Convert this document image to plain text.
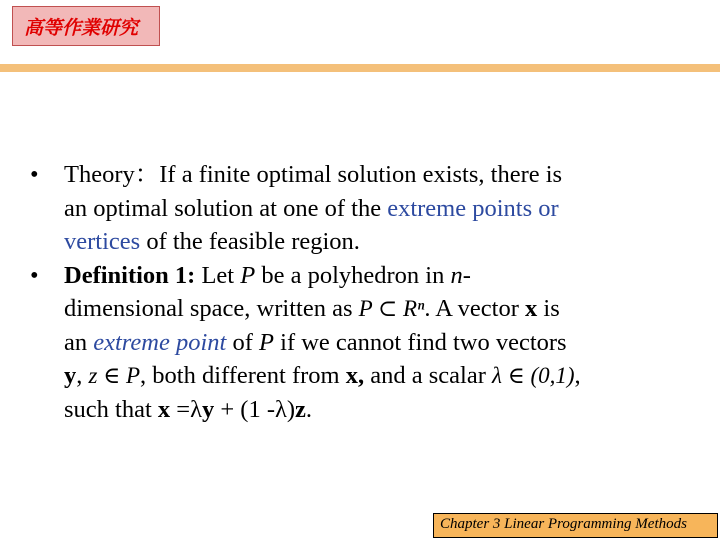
高等作業研究
• Theory：If a finite optimal solution exists, there is
an optimal solution at one of the extreme points or
vertices of the feasible region.
• Definition 1: Let P be a polyhedron in n-
dimensional space, written as P ⊂ Rⁿ. A vector x is
an extreme point of P if we cannot find two vectors
y, z ∈ P, both different from x, and a scalar λ ∈ (0,1),
such that x =λy + (1 -λ)z.
Chapter 3 Linear Programming Methods
